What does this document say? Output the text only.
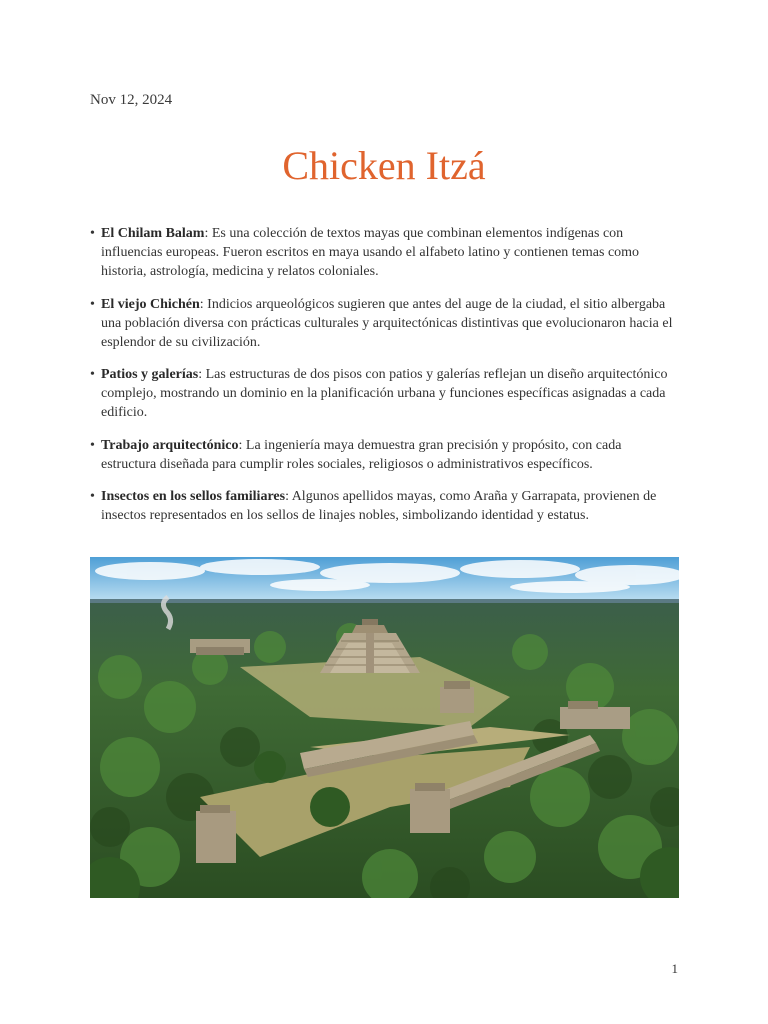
Nov 12, 2024
Chicken Itzá
• El Chilam Balam: Es una colección de textos mayas que combinan elementos indígenas con influencias europeas. Fueron escritos en maya usando el alfabeto latino y contienen temas como historia, astrología, medicina y relatos coloniales.
• El viejo Chichén: Indicios arqueológicos sugieren que antes del auge de la ciudad, el sitio albergaba una población diversa con prácticas culturales y arquitectónicas distintivas que evolucionaron hacia el esplendor de su civilización.
• Patios y galerías: Las estructuras de dos pisos con patios y galerías reflejan un diseño arquitectónico complejo, mostrando un dominio en la planificación urbana y funciones específicas asignadas a cada edificio.
• Trabajo arquitectónico: La ingeniería maya demuestra gran precisión y propósito, con cada estructura diseñada para cumplir roles sociales, religiosos o administrativos específicos.
• Insectos en los sellos familiares: Algunos apellidos mayas, como Araña y Garrapata, provienen de insectos representados en los sellos de linajes nobles, simbolizando identidad y estatus.
1
